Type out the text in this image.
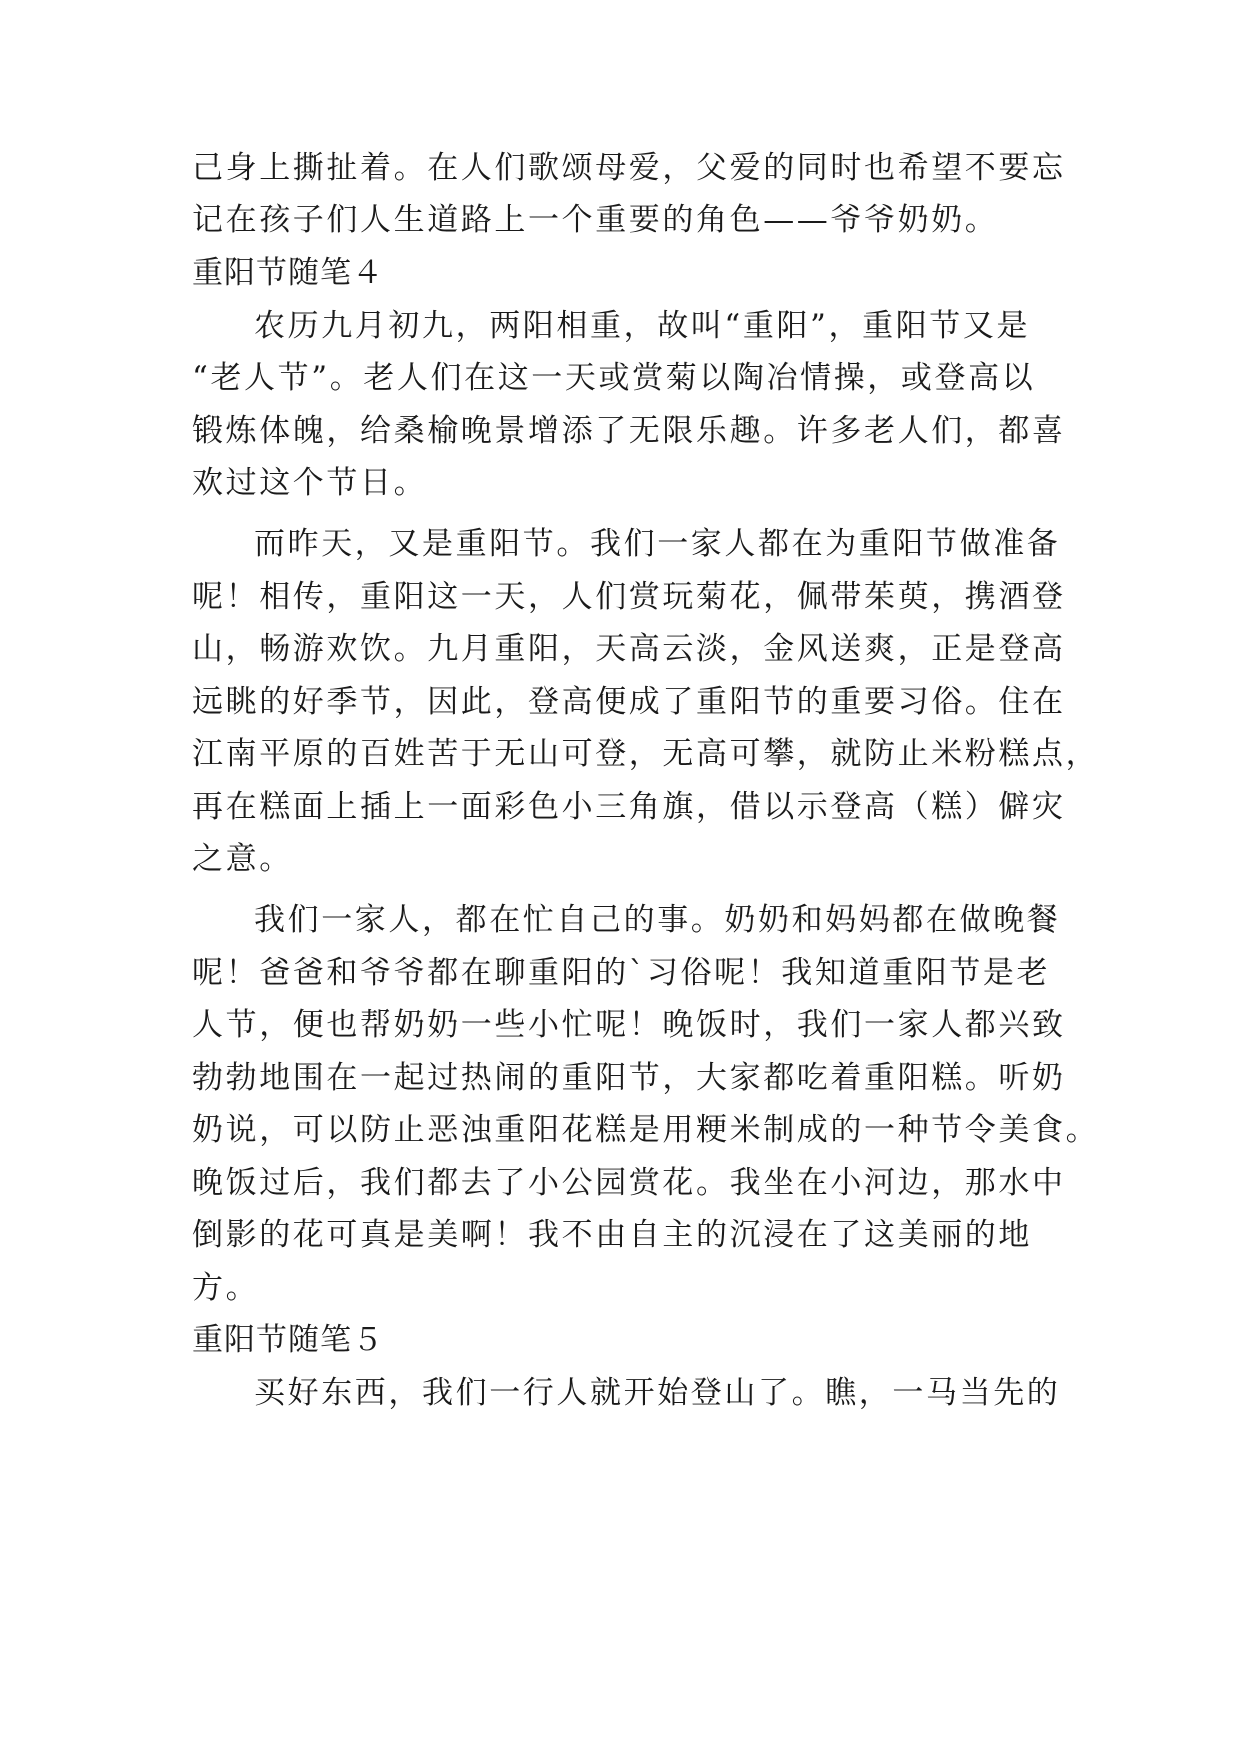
己身上撕扯着。在人们歌颂母爱，父爱的同时也希望不要忘
记在孩子们人生道路上一个重要的角色——爷爷奶奶。
重阳节随笔４
农历九月初九，两阳相重，故叫“重阳”，重阳节又是
“老人节”。老人们在这一天或赏菊以陶冶情操，或登高以
锻炼体魄，给桑榆晚景增添了无限乐趣。许多老人们，都喜
欢过这个节日。
而昨天，又是重阳节。我们一家人都在为重阳节做准备
呢！相传，重阳这一天，人们赏玩菊花，佩带茱萸，携酒登
山，畅游欢饮。九月重阳，天高云淡，金风送爽，正是登高
远眺的好季节，因此，登高便成了重阳节的重要习俗。住在
江南平原的百姓苦于无山可登，无高可攀，就防止米粉糕点，
再在糕面上插上一面彩色小三角旗，借以示登高（糕）僻灾
之意。
我们一家人，都在忙自己的事。奶奶和妈妈都在做晚餐
呢！爸爸和爷爷都在聊重阳的`习俗呢！我知道重阳节是老
人节，便也帮奶奶一些小忙呢！晚饭时，我们一家人都兴致
勃勃地围在一起过热闹的重阳节，大家都吃着重阳糕。听奶
奶说，可以防止恶浊重阳花糕是用粳米制成的一种节令美食。
晚饭过后，我们都去了小公园赏花。我坐在小河边，那水中
倒影的花可真是美啊！我不由自主的沉浸在了这美丽的地
方。
重阳节随笔５
买好东西，我们一行人就开始登山了。瞧，一马当先的
